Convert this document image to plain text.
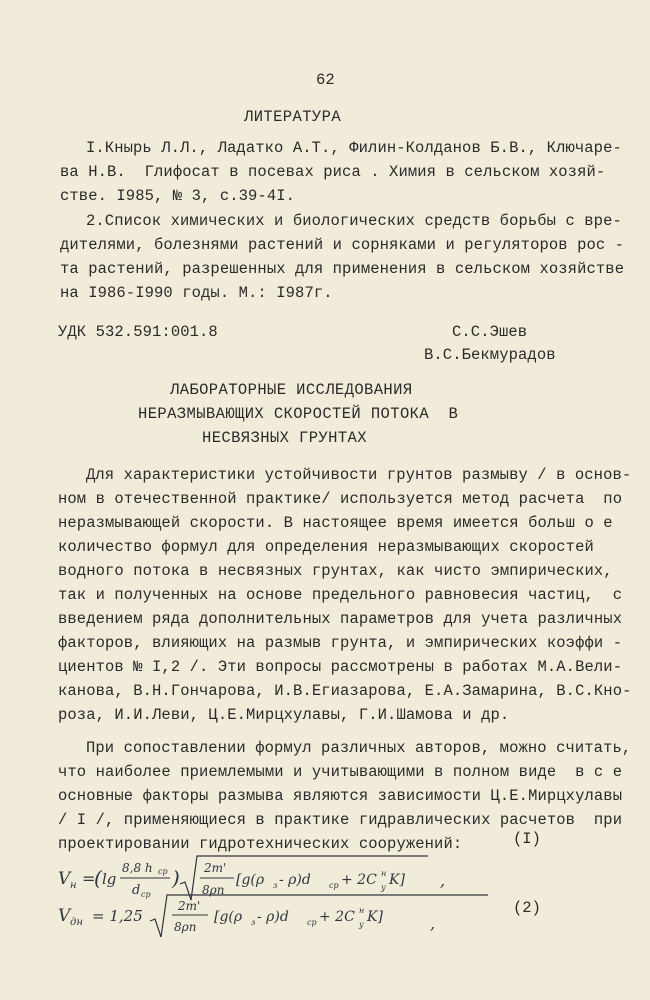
62
ЛИТЕРАТУРА
I.Кнырь Л.Л., Ладатко А.Т., Филин-Колданов Б.В., Ключаре-
ва Н.В.  Глифосат в посевах риса . Химия в сельском хозяй-
стве. I985, № 3, с.39-4I.
2.Список химических и биологических средств борьбы с вре-
дителями, болезнями растений и сорняками и регуляторов рос -
та растений, разрешенных для применения в сельском хозяйстве
на I986-I990 годы. М.: I987г.
УДК 532.591:001.8	С.С.Эшев
В.С.Бекмурадов
ЛАБОРАТОРНЫЕ ИССЛЕДОВАНИЯ
НЕРАЗМЫВАЮЩИХ СКОРОСТЕЙ ПОТОКА  В
НЕСВЯЗНЫХ ГРУНТАХ
Для характеристики устойчивости грунтов размыву / в основ-
ном в отечественной практике/ используется метод расчета  по
неразмывающей скорости. В настоящее время имеется больш о е
количество формул для определения неразмывающих скоростей
водного потока в несвязных грунтах, как чисто эмпирических,
так и полученных на основе предельного равновесия частиц,  с
введением ряда дополнительных параметров для учета различных
факторов, влияющих на размыв грунта, и эмпирических коэффи -
циентов № I,2 /. Эти вопросы рассмотрены в работах М.А.Вели-
канова, В.Н.Гончарова, И.В.Егиазарова, Е.А.Замарина, В.С.Кно-
роза, И.И.Леви, Ц.Е.Мирцхулавы, Г.И.Шамова и др.
При сопоставлении формул различных авторов, можно считать,
что наиболее приемлемыми и учитывающими в полном виде  в с е
основные факторы размыва являются зависимости Ц.Е.Мирцхулавы
/ I /, применяющиеся в практике гидравлических расчетов  при
проектировании гидротехнических сооружений:
V н =
( lg
8,8 h ср
d ср
) 2m'
8ρn
[g(ρ з - ρ)d ср + 2C н
у K] ,
(I)
V дн = 1,25
2m'
8ρn
[g(ρ з - ρ)d ср + 2C н
у K]	,
(2)
